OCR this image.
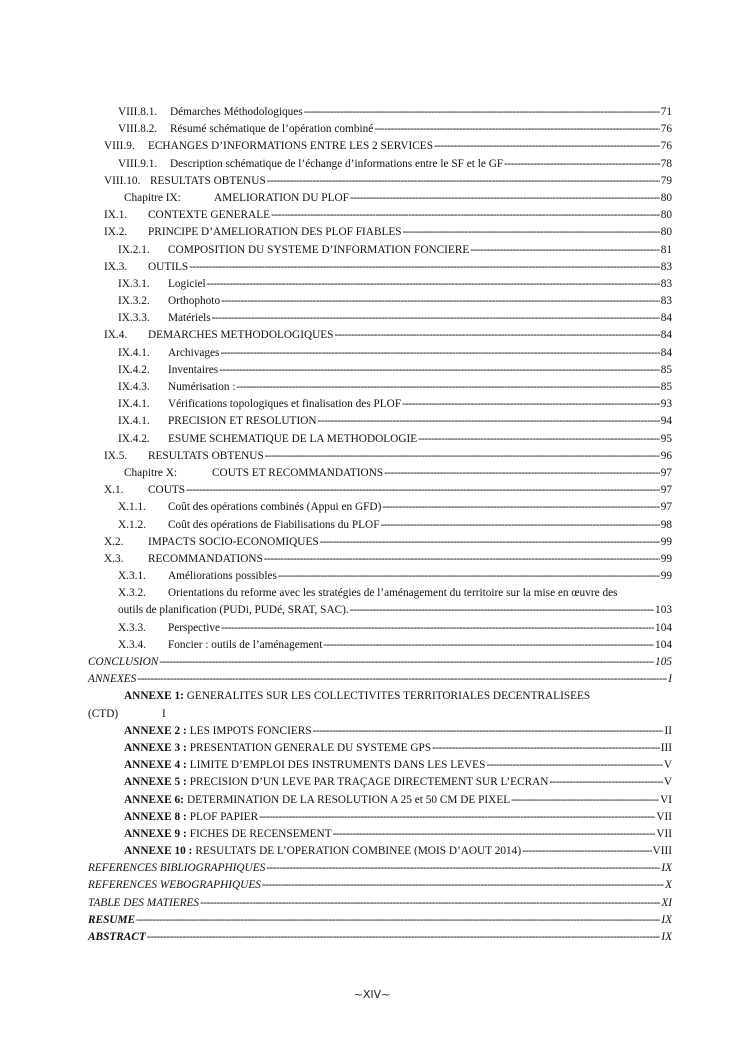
VIII.8.1.	Démarches Méthodologiques -----	71
VIII.8.2.	Résumé schématique de l’opération combiné -----	76
VIII.9.	ECHANGES D’INFORMATIONS ENTRE LES 2 SERVICES -----	76
VIII.9.1.	Description schématique de l’échange d’informations entre le SF et le GF -----	78
VIII.10. RESULTATS OBTENUS -----	79
Chapitre IX:	AMELIORATION DU PLOF -----	80
IX.1.	CONTEXTE GENERALE -----	80
IX.2.	PRINCIPE D’AMELIORATION DES PLOF FIABLES -----	80
IX.2.1.	COMPOSITION DU SYSTEME D’INFORMATION FONCIERE -----	81
IX.3.	OUTILS -----	83
IX.3.1.	Logiciel -----	83
IX.3.2.	Orthophoto -----	83
IX.3.3.	Matériels -----	84
IX.4.	DEMARCHES METHODOLOGIQUES -----	84
IX.4.1.	Archivages -----	84
IX.4.2.	Inventaires -----	85
IX.4.3.	Numérisation : -----	85
IX.4.1.	Vérifications topologiques et finalisation des PLOF -----	93
IX.4.1.	PRECISION ET RESOLUTION -----	94
IX.4.2.	ESUME SCHEMATIQUE DE LA METHODOLOGIE -----	95
IX.5.	RESULTATS OBTENUS -----	96
Chapitre X:	COUTS ET RECOMMANDATIONS -----	97
X.1.	COUTS -----	97
X.1.1.	Coût des opérations combinés (Appui en GFD) -----	97
X.1.2.	Coût des opérations de Fiabilisations du PLOF -----	98
X.2.	IMPACTS SOCIO-ECONOMIQUES -----	99
X.3.	RECOMMANDATIONS -----	99
X.3.1.	Améliorations possibles -----	99
X.3.2. Orientations du reforme avec les stratégies de l’aménagement du territoire sur la mise en œuvre des
outils de planification (PUDi, PUDé, SRAT, SAC). -----	103
X.3.3.	Perspective -----	104
X.3.4.	Foncier : outils de l’aménagement -----	104
CONCLUSION -----	105
ANNEXES -----	I
ANNEXE 1: GENERALITES SUR LES COLLECTIVITES TERRITORIALES DECENTRALISEES
(CTD)	I
ANNEXE 2 : LES IMPOTS FONCIERS -----	II
ANNEXE 3 : PRESENTATION GENERALE DU SYSTEME GPS -----	III
ANNEXE 4 : LIMITE D’EMPLOI DES INSTRUMENTS DANS LES LEVES -----	V
ANNEXE 5 : PRECISION D’UN LEVE PAR TRAÇAGE DIRECTEMENT SUR L’ECRAN -----	V
ANNEXE 6: DETERMINATION DE LA RESOLUTION A 25 et 50 CM DE PIXEL -----	VI
ANNEXE 8 : PLOF PAPIER -----	VII
ANNEXE 9 : FICHES DE RECENSEMENT -----	VII
ANNEXE 10 : RESULTATS DE L’OPERATION COMBINEE (MOIS D’AOUT 2014) -----	VIII
REFERENCES BIBLIOGRAPHIQUES -----	IX
REFERENCES WEBOGRAPHIQUES -----	X
TABLE DES MATIERES -----	XI
RESUME -----	IX
ABSTRACT -----	IX
~XIV~
